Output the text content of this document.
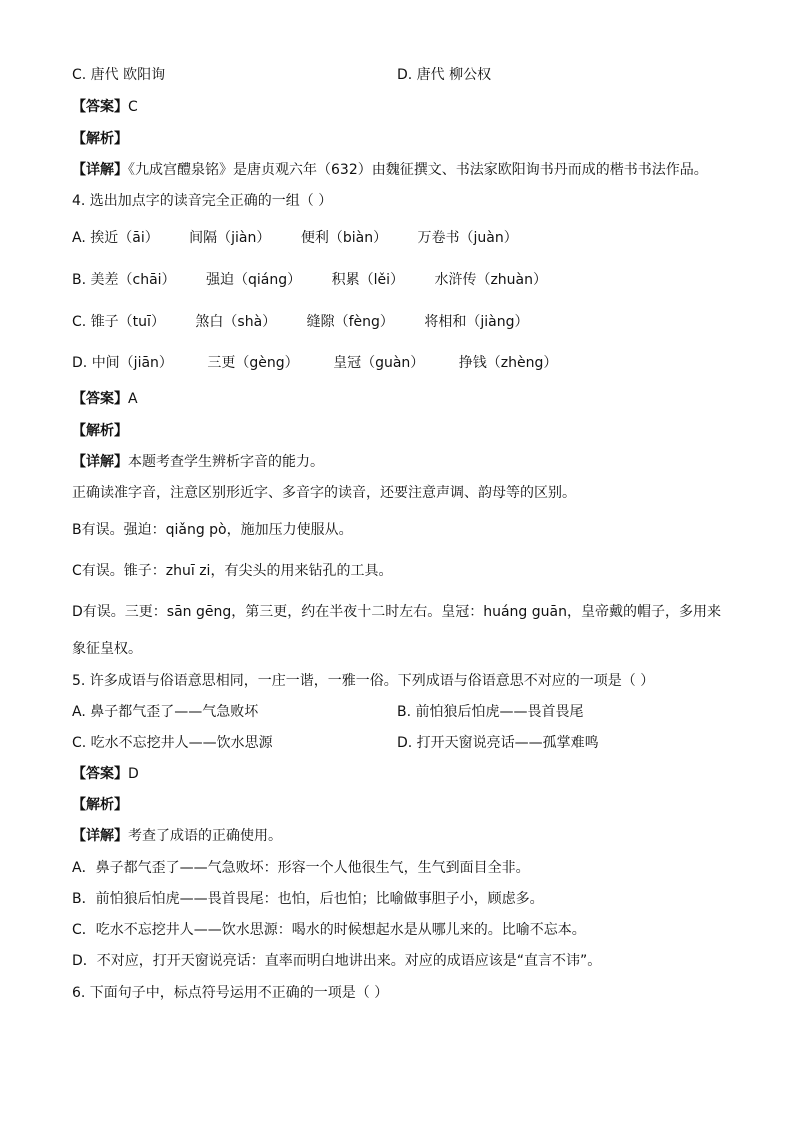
C. 唐代 欧阳询	D. 唐代 柳公权
【答案】C
【解析】
【详解】《九成宫醴泉铭》是唐贞观六年（632）由魏征撰文、书法家欧阳询书丹而成的楷书书法作品。
4. 选出加点字的读音完全正确的一组（ ）
A. 挨近（āi） 间隔（jiàn） 便利（biàn） 万卷书（juàn）
B. 美差（chāi） 强迫（qiáng） 积累（lěi） 水浒传（zhuàn）
C. 锥子（tuī） 煞白（shà） 缝隙（fèng） 将相和（jiàng）
D. 中间（jiān） 三更（gèng） 皇冠（guàn） 挣钱（zhèng）
【答案】A
【解析】
【详解】本题考查学生辨析字音的能力。
正确读准字音，注意区别形近字、多音字的读音，还要注意声调、韵母等的区别。
B有误。强迫：qiǎng pò，施加压力使服从。
C有误。锥子：zhuī zi，有尖头的用来钻孔的工具。
D有误。三更：sān gēng，第三更，约在半夜十二时左右。皇冠：huáng guān，皇帝戴的帽子，多用来
象征皇权。
5. 许多成语与俗语意思相同，一庄一谐，一雅一俗。下列成语与俗语意思不对应的一项是（ ）
A. 鼻子都气歪了——气急败坏	B. 前怕狼后怕虎——畏首畏尾
C. 吃水不忘挖井人——饮水思源	D. 打开天窗说亮话——孤掌难鸣
【答案】D
【解析】
【详解】考查了成语的正确使用。
A．鼻子都气歪了——气急败坏：形容一个人他很生气，生气到面目全非。
B．前怕狼后怕虎——畏首畏尾：也怕，后也怕；比喻做事胆子小，顾虑多。
C．吃水不忘挖井人——饮水思源：喝水的时候想起水是从哪儿来的。比喻不忘本。
D．不对应，打开天窗说亮话：直率而明白地讲出来。对应的成语应该是“直言不讳”。
6. 下面句子中，标点符号运用不正确的一项是（ ）
